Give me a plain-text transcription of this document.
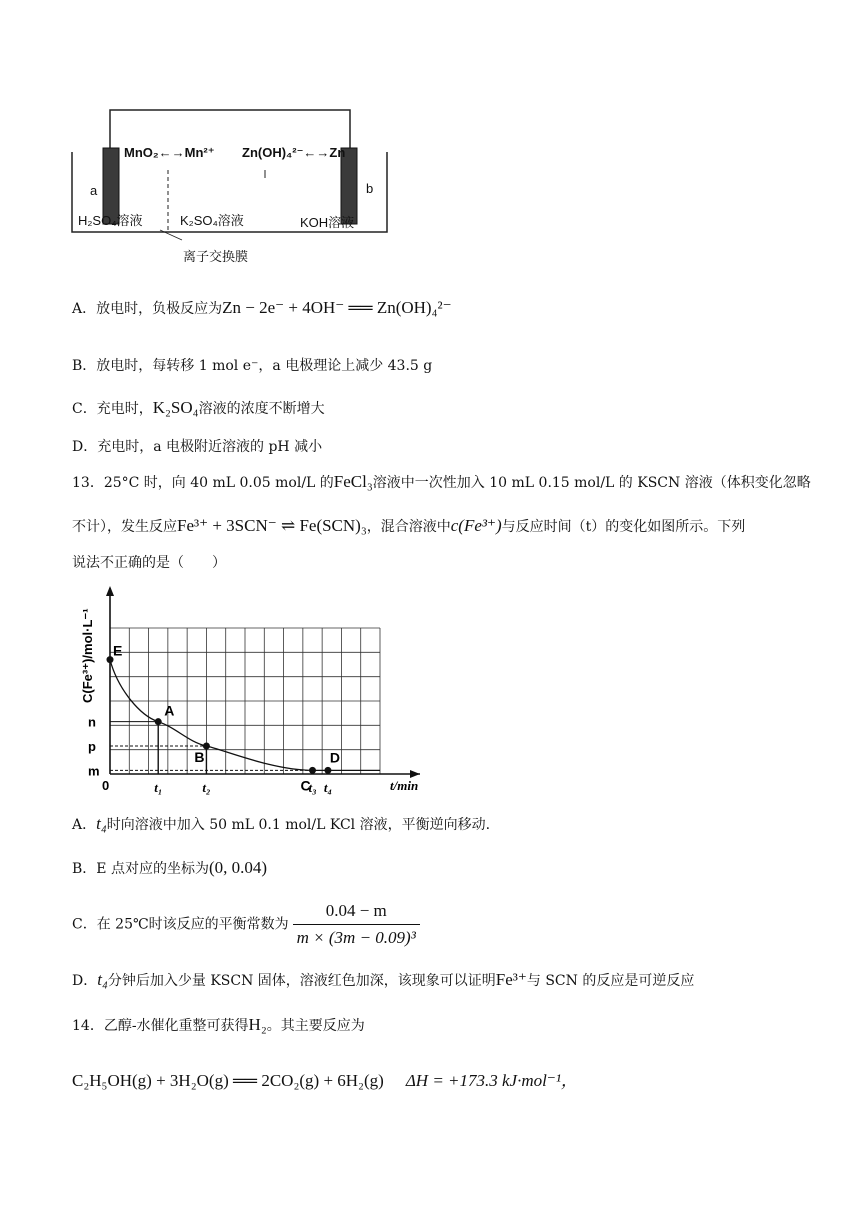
MnO₂←→Mn²⁺ Zn(OH)₄²⁻←→Zn
a	b
H₂SO₄溶液	K₂SO₄溶液	KOH溶液
离子交换膜
A．放电时，负极反应为Zn − 2e⁻ + 4OH⁻ ══ Zn(OH)₄²⁻
B．放电时，每转移 1 mol e⁻，a 电极理论上减少 43.5 g
C．充电时，K₂SO₄溶液的浓度不断增大
D．充电时，a 电极附近溶液的 pH 减小
13．25°C 时，向 40 mL 0.05 mol/L 的FeCl₃溶液中一次性加入 10 mL 0.15 mol/L 的 KSCN 溶液（体积变化忽略
不计），发生反应Fe³⁺ + 3SCN⁻ ⇌ Fe(SCN)₃，混合溶液中c(Fe³⁺)与反应时间（t）的变化如图所示。下列
说法不正确的是（　　）
C(Fe³⁺)/mol·L⁻¹
t/min
0	t₁	t₂	t₃ t₄
n
p
m
E
A
B
C
D
A．t₄时向溶液中加入 50 mL 0.1 mol/L KCl 溶液，平衡逆向移动.
B．E 点对应的坐标为(0, 0.04)
C．在 25℃时该反应的平衡常数为 $\frac{0.04 - m}{\text{m × (3m − 0.09)³}}$
D．t₄分钟后加入少量 KSCN 固体，溶液红色加深，该现象可以证明Fe³⁺与 SCN 的反应是可逆反应
14．乙醇-水催化重整可获得H₂。其主要反应为
C₂H₅OH(g) + 3H₂O(g) ══ 2CO₂(g) + 6H₂(g) ΔH = +173.3 kJ·mol⁻¹，
